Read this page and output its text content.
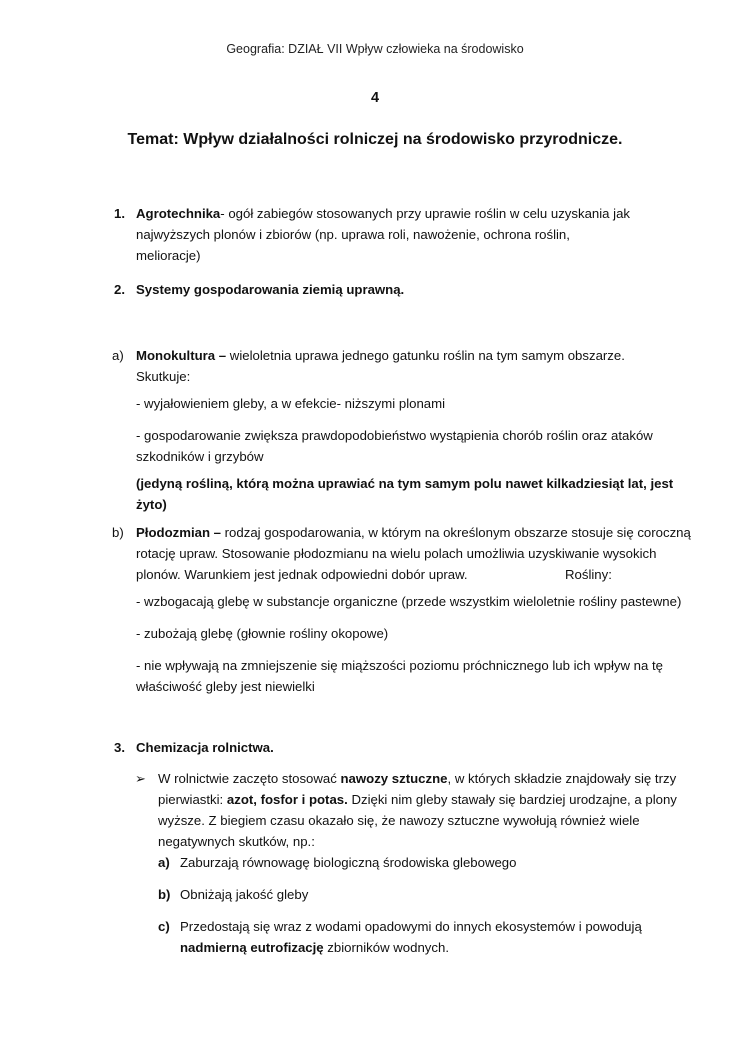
Geografia: DZIAŁ VII Wpływ człowieka na środowisko
4
Temat: Wpływ działalności rolniczej na środowisko przyrodnicze.
1. Agrotechnika- ogół zabiegów stosowanych przy uprawie roślin w celu uzyskania jak
najwyższych plonów i zbiorów (np. uprawa roli, nawożenie, ochrona roślin,
melioracje)
2. Systemy gospodarowania ziemią uprawną.
a) Monokultura – wieloletnia uprawa jednego gatunku roślin na tym samym obszarze.
Skutkuje:
- wyjałowieniem gleby, a w efekcie- niższymi plonami
- gospodarowanie zwiększa prawdopodobieństwo wystąpienia chorób roślin oraz ataków
szkodników i grzybów
(jedyną rośliną, którą można uprawiać na tym samym polu nawet kilkadziesiąt lat, jest
żyto)
b) Płodozmian – rodzaj gospodarowania, w którym na określonym obszarze stosuje się coroczną
rotację upraw. Stosowanie płodozmianu na wielu polach umożliwia uzyskiwanie wysokich
plonów. Warunkiem jest jednak odpowiedni dobór upraw.	Rośliny:
- wzbogacają glebę w substancje organiczne (przede wszystkim wieloletnie rośliny pastewne)
- zubożają glebę (głownie rośliny okopowe)
- nie wpływają na zmniejszenie się miąższości poziomu próchnicznego lub ich wpływ na tę
właściwość gleby jest niewielki
3. Chemizacja rolnictwa.
➢ W rolnictwie zaczęto stosować nawozy sztuczne, w których składzie znajdowały się trzy
pierwiastki: azot, fosfor i potas. Dzięki nim gleby stawały się bardziej urodzajne, a plony
wyższe. Z biegiem czasu okazało się, że nawozy sztuczne wywołują również wiele
negatywnych skutków, np.:
a) Zaburzają równowagę biologiczną środowiska glebowego
b) Obniżają jakość gleby
c) Przedostają się wraz z wodami opadowymi do innych ekosystemów i powodują
nadmierną eutrofizację zbiorników wodnych.
